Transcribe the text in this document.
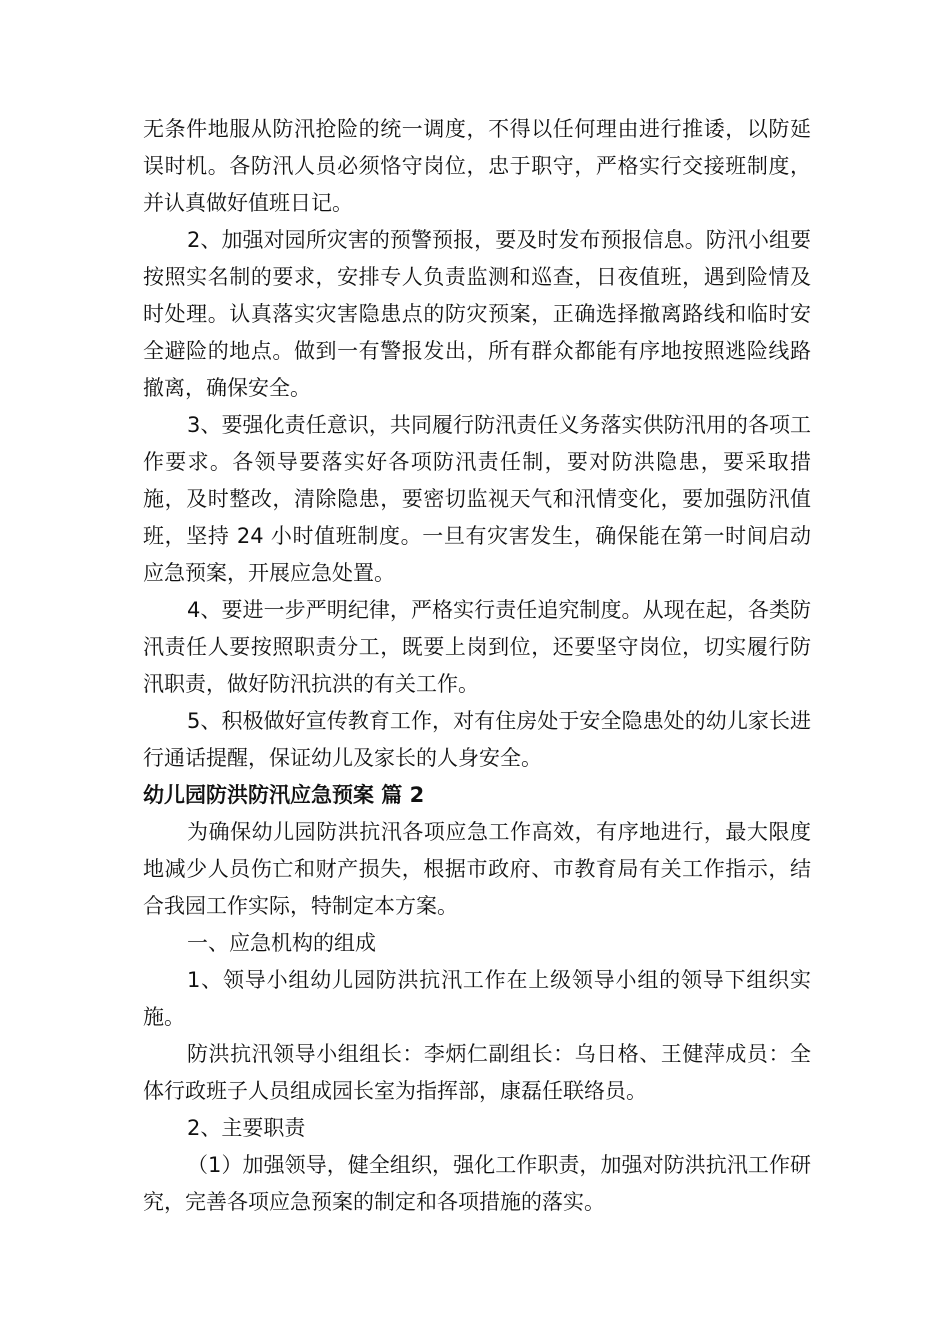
无条件地服从防汛抢险的统一调度，不得以任何理由进行推诿，以防延误时机。各防汛人员必须恪守岗位，忠于职守，严格实行交接班制度，并认真做好值班日记。

2、加强对园所灾害的预警预报，要及时发布预报信息。防汛小组要按照实名制的要求，安排专人负责监测和巡查，日夜值班，遇到险情及时处理。认真落实灾害隐患点的防灾预案，正确选择撤离路线和临时安全避险的地点。做到一有警报发出，所有群众都能有序地按照逃险线路撤离，确保安全。

3、要强化责任意识，共同履行防汛责任义务落实供防汛用的各项工作要求。各领导要落实好各项防汛责任制，要对防洪隐患，要采取措施，及时整改，清除隐患，要密切监视天气和汛情变化，要加强防汛值班，坚持 24 小时值班制度。一旦有灾害发生，确保能在第一时间启动应急预案，开展应急处置。

4、要进一步严明纪律，严格实行责任追究制度。从现在起，各类防汛责任人要按照职责分工，既要上岗到位，还要坚守岗位，切实履行防汛职责，做好防汛抗洪的有关工作。

5、积极做好宣传教育工作，对有住房处于安全隐患处的幼儿家长进行通话提醒，保证幼儿及家长的人身安全。

幼儿园防洪防汛应急预案 篇 2

为确保幼儿园防洪抗汛各项应急工作高效，有序地进行，最大限度地减少人员伤亡和财产损失，根据市政府、市教育局有关工作指示，结合我园工作实际，特制定本方案。

一、应急机构的组成

1、领导小组幼儿园防洪抗汛工作在上级领导小组的领导下组织实施。

防洪抗汛领导小组组长：李炳仁副组长：乌日格、王健萍成员：全体行政班子人员组成园长室为指挥部，康磊任联络员。

2、主要职责

（1）加强领导，健全组织，强化工作职责，加强对防洪抗汛工作研究，完善各项应急预案的制定和各项措施的落实。
